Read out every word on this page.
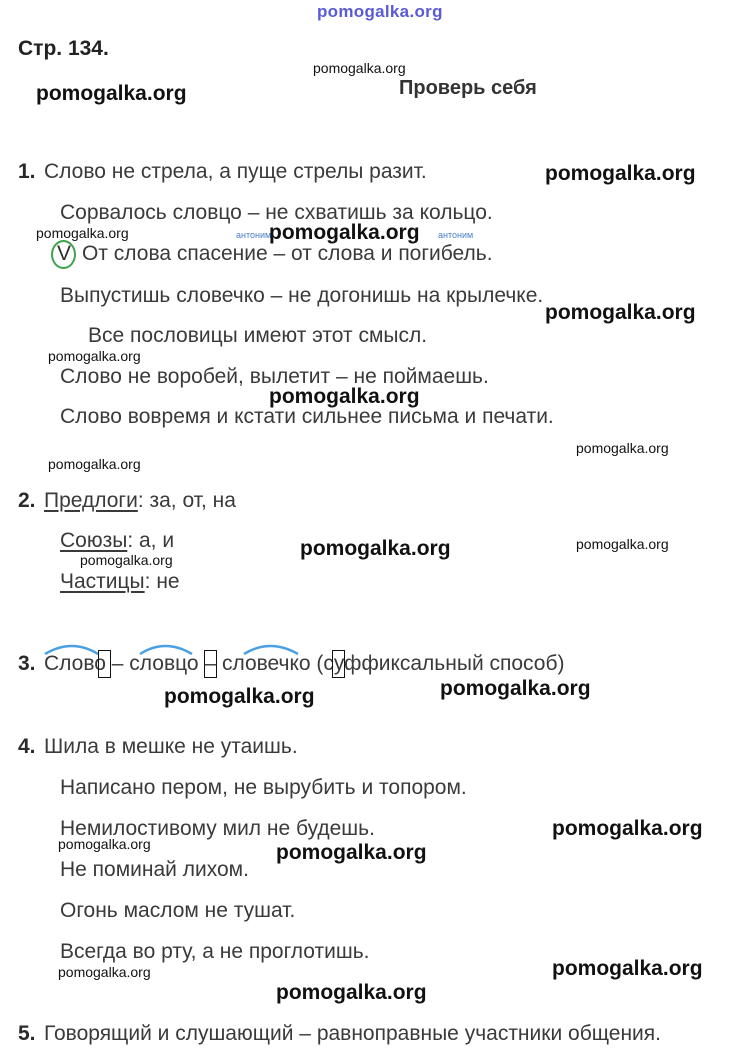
pomogalka.org
Стр. 134.
Проверь себя
pomogalka.org
pomogalka.org
1. Слово не стрела, а пуще стрелы разит.	pomogalka.org
Сорвалось словцо – не схватишь за кольцо.
pomogalka.org	антоним	антоним
pomogalka.org
V От слова спасение – от слова и погибель.
Выпустишь словечко – не догонишь на крылечке.
pomogalka.org
Все пословицы имеют этот смысл.
pomogalka.org
Слово не воробей, вылетит – не поймаешь.
pomogalka.org
Слово вовремя и кстати сильнее письма и печати.
pomogalka.org
pomogalka.org
2. Предлоги: за, от, на
Союзы: а, и	pomogalka.org	pomogalka.org
pomogalka.org
Частицы: не
3. Слово – словцо – словечко (суффиксальный способ)
pomogalka.org
pomogalka.org
4. Шила в мешке не утаишь.
Написано пером, не вырубить и топором.
Немилостивому мил не будешь.	pomogalka.org
pomogalka.org	pomogalka.org
Не поминай лихом.
Огонь маслом не тушат.
Всегда во рту, а не проглотишь.
pomogalka.org
pomogalka.org
pomogalka.org
5. Говорящий и слушающий – равноправные участники общения.
